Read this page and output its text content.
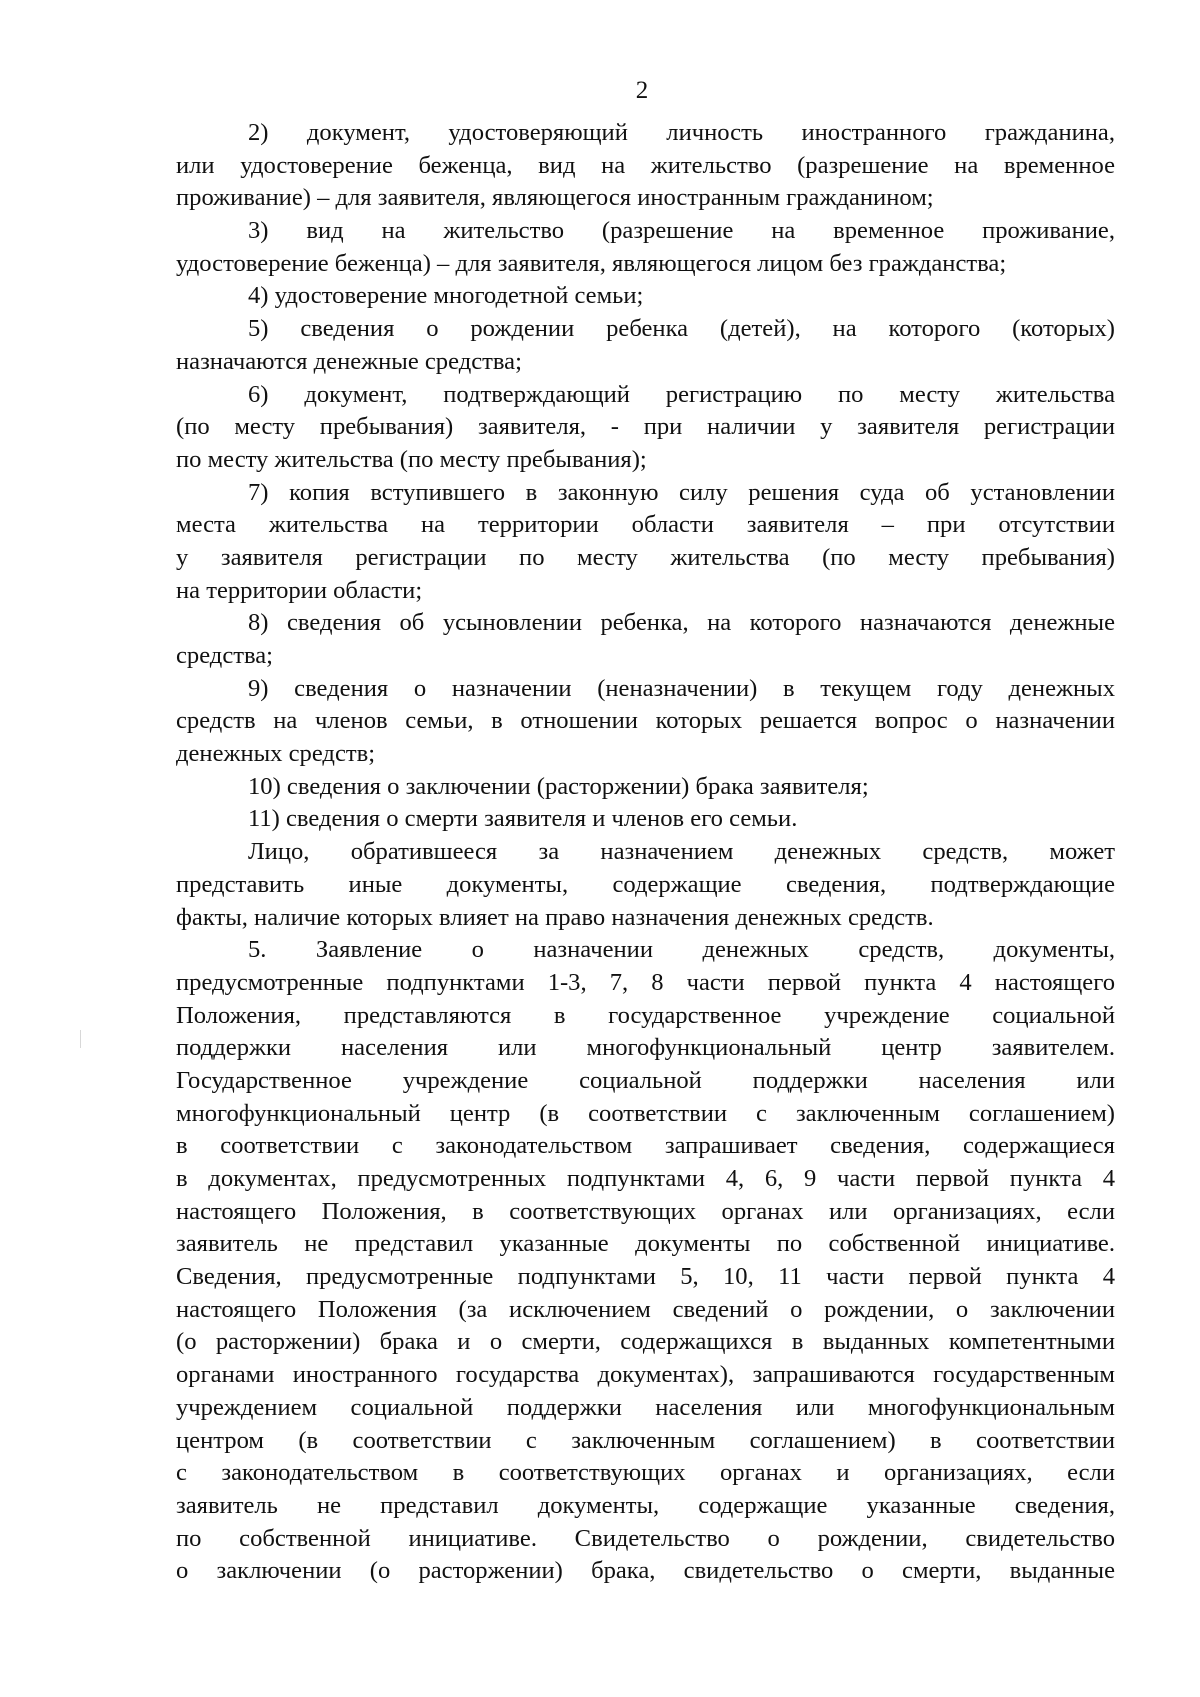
2
2) документ, удостоверяющий личность иностранного гражданина,
или удостоверение беженца, вид на жительство (разрешение на временное
проживание) – для заявителя, являющегося иностранным гражданином;
3) вид на жительство (разрешение на временное проживание,
удостоверение беженца) – для заявителя, являющегося лицом без гражданства;
4) удостоверение многодетной семьи;
5) сведения о рождении ребенка (детей), на которого (которых)
назначаются денежные средства;
6) документ, подтверждающий регистрацию по месту жительства
(по месту пребывания) заявителя, - при наличии у заявителя регистрации
по месту жительства (по месту пребывания);
7) копия вступившего в законную силу решения суда об установлении
места жительства на территории области заявителя – при отсутствии
у заявителя регистрации по месту жительства (по месту пребывания)
на территории области;
8) сведения об усыновлении ребенка, на которого назначаются денежные
средства;
9) сведения о назначении (неназначении) в текущем году денежных
средств на членов семьи, в отношении которых решается вопрос о назначении
денежных средств;
10) сведения о заключении (расторжении) брака заявителя;
11) сведения о смерти заявителя и членов его семьи.
Лицо, обратившееся за назначением денежных средств, может
представить иные документы, содержащие сведения, подтверждающие
факты, наличие которых влияет на право назначения денежных средств.
5. Заявление о назначении денежных средств, документы,
предусмотренные подпунктами 1-3, 7, 8 части первой пункта 4 настоящего
Положения, представляются в государственное учреждение социальной
поддержки населения или многофункциональный центр заявителем.
Государственное учреждение социальной поддержки населения или
многофункциональный центр (в соответствии с заключенным соглашением)
в соответствии с законодательством запрашивает сведения, содержащиеся
в документах, предусмотренных подпунктами 4, 6, 9 части первой пункта 4
настоящего Положения, в соответствующих органах или организациях, если
заявитель не представил указанные документы по собственной инициативе.
Сведения, предусмотренные подпунктами 5, 10, 11 части первой пункта 4
настоящего Положения (за исключением сведений о рождении, о заключении
(о расторжении) брака и о смерти, содержащихся в выданных компетентными
органами иностранного государства документах), запрашиваются государственным
учреждением социальной поддержки населения или многофункциональным
центром (в соответствии с заключенным соглашением) в соответствии
с законодательством в соответствующих органах и организациях, если
заявитель не представил документы, содержащие указанные сведения,
по собственной инициативе. Свидетельство о рождении, свидетельство
о заключении (о расторжении) брака, свидетельство о смерти, выданные
